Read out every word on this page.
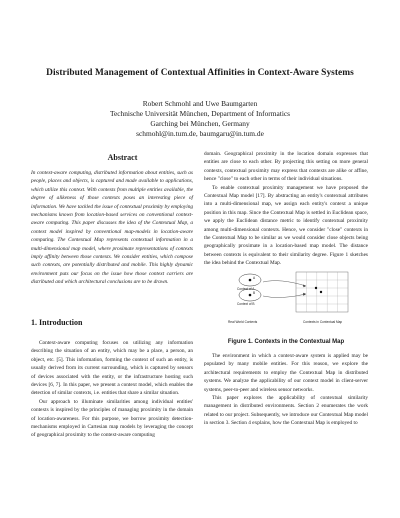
Distributed Management of Contextual Affinities in Context-Aware Systems
Robert Schmohl and Uwe Baumgarten
Technische Universität München, Department of Informatics
Garching bei München, Germany
schmohl@in.tum.de, baumgaru@in.tum.de
Abstract
In context-aware computing, distributed information about entities, such as people, places and objects, is captured and made available to applications, which utilize this context. With contexts from multiple entities available, the degree of alikeness of those contexts poses an interesting piece of information. We have tackled the issue of contextual proximity by employing mechanisms known from location-based services on conventional context-aware computing. This paper discusses the idea of the Contextual Map, a context model inspired by conventional map-models in location-aware computing. The Contextual Map represents contextual information in a multi-dimensional map model, where proximate representations of contexts imply affinity between those contexts. We consider entities, which compose such contexts, are potentially distributed and mobile. This highly dynamic environment puts our focus on the issue how those context carriers are distributed and which architectural conclusions are to be drawn.
1. Introduction

Context-aware computing focuses on utilizing any information describing the situation of an entity, which may be a place, a person, an object, etc. [5]. This information, forming the context of such an entity, is usually derived from its current surrounding, which is captured by sensors of devices associated with the entity, or the infrastructure hosting such devices [6, 7]. In this paper, we present a context model, which enables the detection of similar contexts, i.e. entities that share a similar situation.

Our approach to illuminate similarities among individual entities' contexts is inspired by the principles of managing proximity in the domain of location-awareness. For this purpose, we borrow proximity detection-mechanisms employed in Cartesian map models by leveraging the concept of geographical proximity to the context-aware computing

domain. Geographical proximity in the location domain expresses that entities are close to each other. By projecting this setting on more general contexts, contextual proximity may express that contexts are alike or affine, hence "close" to each other in terms of their individual situations.

To enable contextual proximity management we have proposed the Contextual Map model [17]. By abstracting an entity's contextual attributes into a multi-dimensional map, we assign each entity's context a unique position in this map. Since the Contextual Map is settled in Euclidean space, we apply the Euclidean distance metric to identify contextual proximity among multi-dimensional contexts. Hence, we consider "close" contexts in the Contextual Map to be similar as we would consider close objects being geographically proximate in a location-based map model. The distance between contexts is equivalent to their similarity degree. Figure 1 sketches the idea behind the Contextual Map.

A
B
Context of A
Context of B
Real World Contexts	Contexts in Contextual Map
Figure 1. Contexts in the Contextual Map

The environment in which a context-aware system is applied may be populated by many mobile entities. For this reason, we explore the architectural requirements to employ the Contextual Map in distributed systems. We analyze the applicability of our context model in client-server systems, peer-to-peer and wireless sensor networks.

This paper explores the applicability of contextual similarity management in distributed environments. Section 2 enumerates the work related to our project. Subsequently, we introduce our Contextual Map model in section 3. Section 4 explains, how the Contextual Map is employed to
